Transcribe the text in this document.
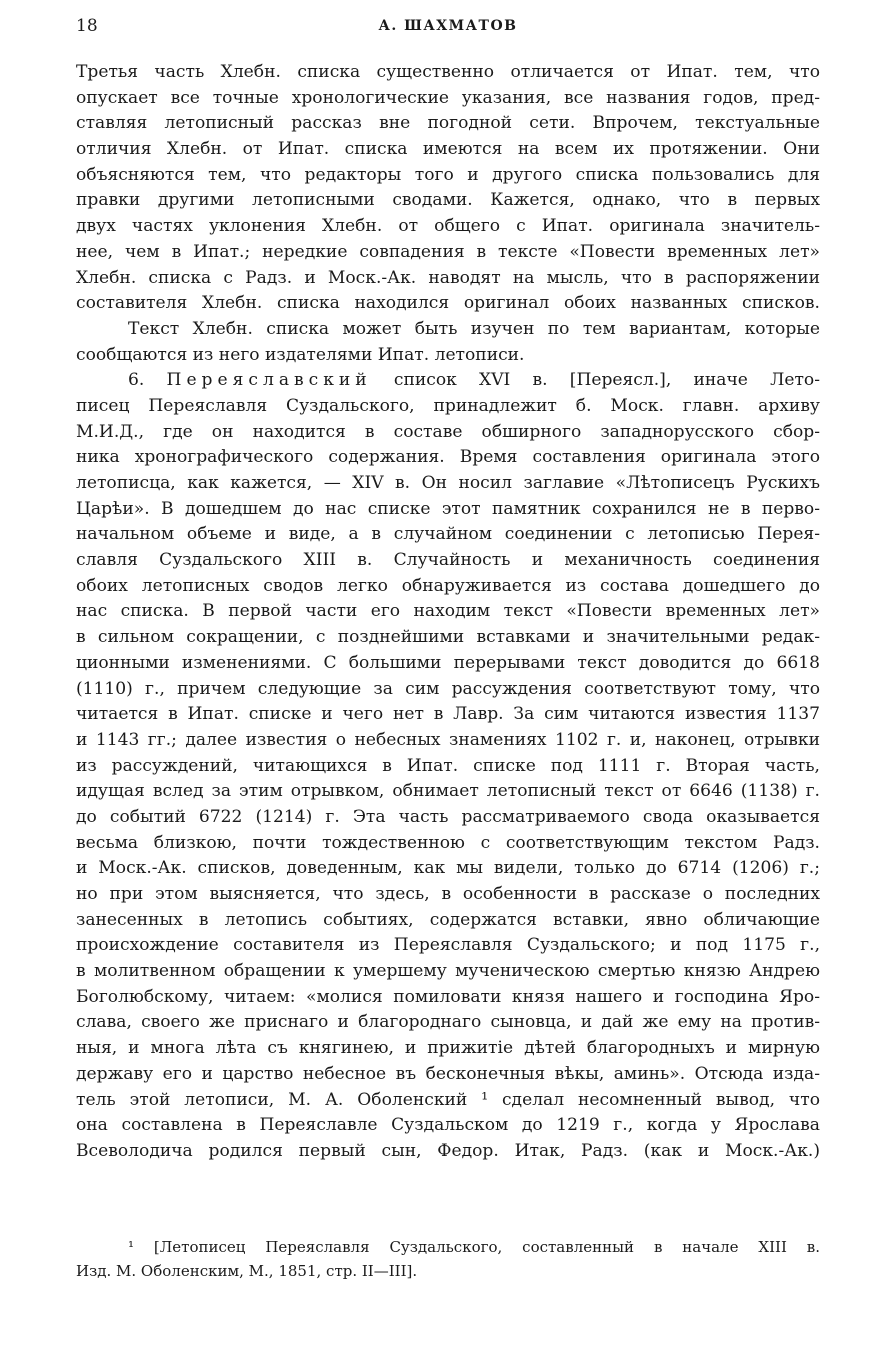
18	А. ШАХМАТОВ
Третья часть Хлебн. списка существенно отличается от Ипат. тем, что
опускает все точные хронологические указания, все названия годов, пред-
ставляя летописный рассказ вне погодной сети. Впрочем, текстуальные
отличия Хлебн. от Ипат. списка имеются на всем их протяжении. Они
объясняются тем, что редакторы того и другого списка пользовались для
правки другими летописными сводами. Кажется, однако, что в первых
двух частях уклонения Хлебн. от общего с Ипат. оригинала значитель-
нее, чем в Ипат.; нередкие совпадения в тексте «Повести временных лет»
Хлебн. списка с Радз. и Моск.-Ак. наводят на мысль, что в распоряжении
составителя Хлебн. списка находился оригинал обоих названных списков.
Текст Хлебн. списка может быть изучен по тем вариантам, которые
сообщаются из него издателями Ипат. летописи.
6. Переяславский список XVI в. [Переясл.], иначе Лето-
писец Переяславля Суздальского, принадлежит б. Моск. главн. архиву
М.И.Д., где он находится в составе обширного западнорусского сбор-
ника хронографического содержания. Время составления оригинала этого
летописца, как кажется, — XIV в. Он носил заглавие «Лѣтописецъ Рускихъ
Царѣи». В дошедшем до нас списке этот памятник сохранился не в перво-
начальном объеме и виде, а в случайном соединении с летописью Перея-
славля Суздальского XIII в. Случайность и механичность соединения
обоих летописных сводов легко обнаруживается из состава дошедшего до
нас списка. В первой части его находим текст «Повести временных лет»
в сильном сокращении, с позднейшими вставками и значительными редак-
ционными изменениями. С большими перерывами текст доводится до 6618
(1110) г., причем следующие за сим рассуждения соответствуют тому, что
читается в Ипат. списке и чего нет в Лавр. За сим читаются известия 1137
и 1143 гг.; далее известия о небесных знамениях 1102 г. и, наконец, отрывки
из рассуждений, читающихся в Ипат. списке под 1111 г. Вторая часть,
идущая вслед за этим отрывком, обнимает летописный текст от 6646 (1138) г.
до событий 6722 (1214) г. Эта часть рассматриваемого свода оказывается
весьма близкою, почти тождественною с соответствующим текстом Радз.
и Моск.-Ак. списков, доведенным, как мы видели, только до 6714 (1206) г.;
но при этом выясняется, что здесь, в особенности в рассказе о последних
занесенных в летопись событиях, содержатся вставки, явно обличающие
происхождение составителя из Переяславля Суздальского; и под 1175 г.,
в молитвенном обращении к умершему мученическою смертью князю Андрею
Боголюбскому, читаем: «молися помиловати князя нашего и господина Яро-
слава, своего же приснаго и благороднаго сыновца, и дай же ему на против-
ныя, и многа лѣта съ княгинею, и прижитіе дѣтей благородныхъ и мирную
державу его и царство небесное въ бесконечныя вѣкы, аминь». Отсюда изда-
тель этой летописи, М. А. Оболенский ¹ сделал несомненный вывод, что
она составлена в Переяславле Суздальском до 1219 г., когда у Ярослава
Всеволодича родился первый сын, Федор. Итак, Радз. (как и Моск.-Ак.)
¹ [Летописец Переяславля Суздальского, составленный в начале XIII в.
Изд. М. Оболенским, М., 1851, стр. II—III].
